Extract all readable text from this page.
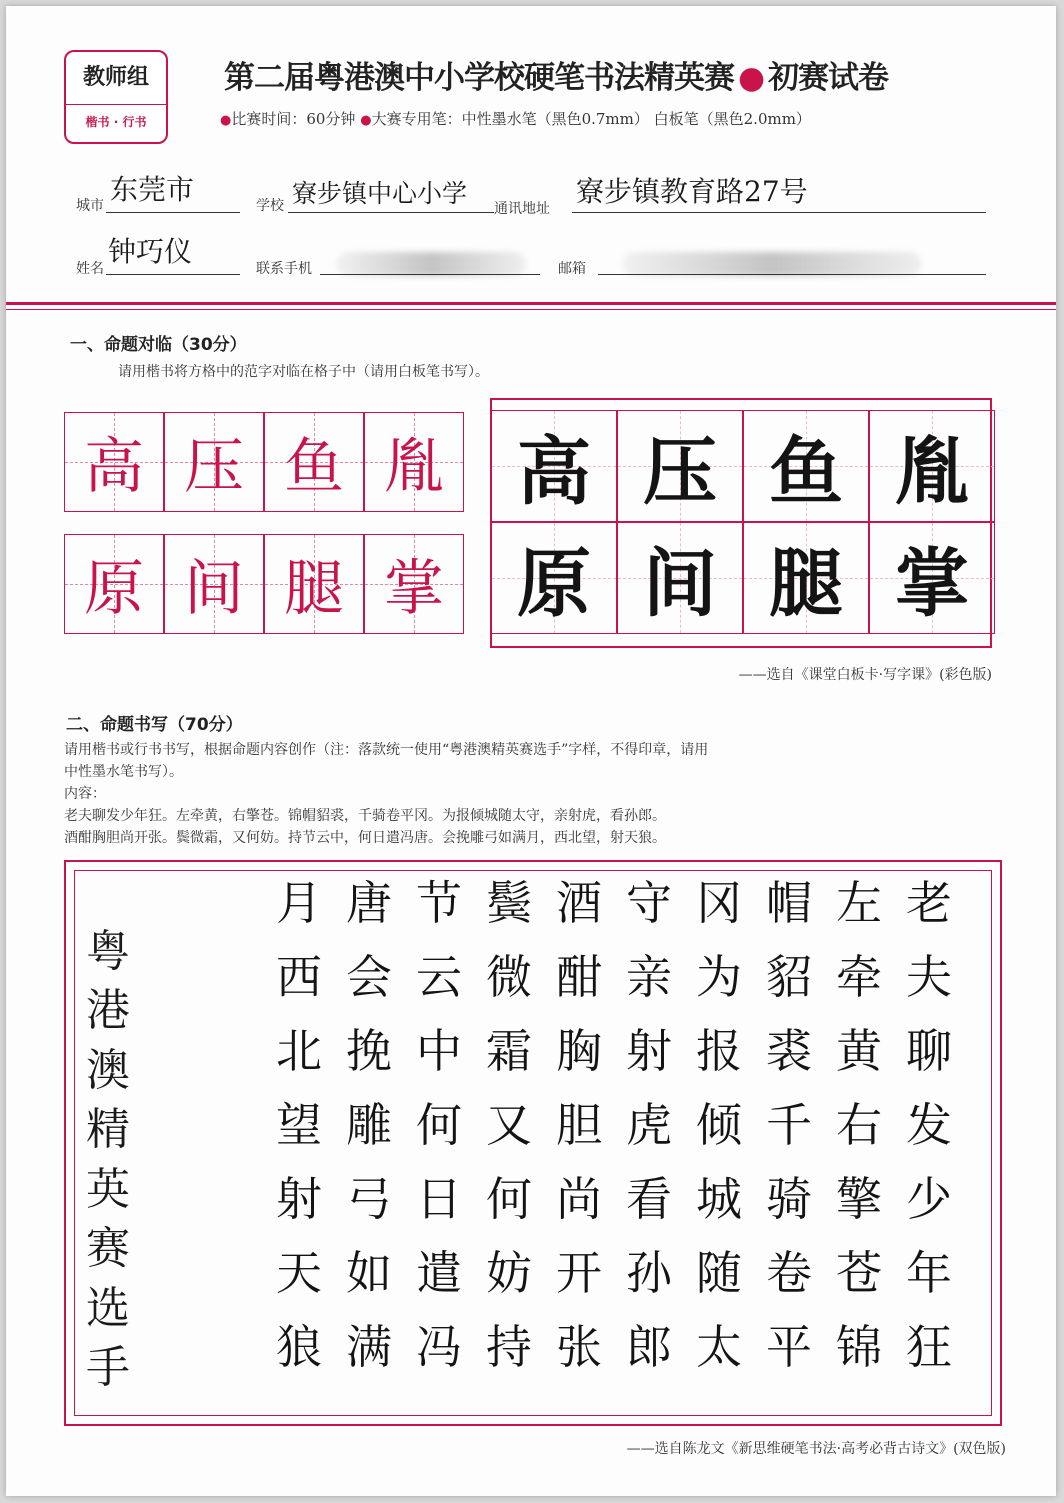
教师组
楷书 · 行书
第二届粤港澳中小学校硬笔书法精英赛 ● 初赛试卷
●比赛时间：60分钟 ●大赛专用笔：中性墨水笔（黑色0.7mm） 白板笔（黑色2.0mm）
城市 东莞市	学校 寮步镇中心小学
通讯地址
寮步镇教育路27号
姓名
钟巧仪
联系手机	邮箱
一、命题对临（30分）
请用楷书将方格中的范字对临在格子中（请用白板笔书写）。
高 压 鱼 胤
原 间 腿 掌
高 压 鱼 胤
原 间 腿 掌
——选自《课堂白板卡·写字课》(彩色版)
二、命题书写（70分）
请用楷书或行书书写，根据命题内容创作（注：落款统一使用“粤港澳精英赛选手”字样，不得印章，请用
中性墨水笔书写）。
内容：
老夫聊发少年狂。左牵黄，右擎苍。锦帽貂裘，千骑卷平冈。为报倾城随太守，亲射虎，看孙郎。
酒酣胸胆尚开张。鬓微霜，又何妨。持节云中，何日遣冯唐。会挽雕弓如满月，西北望，射天狼。
粤
港
澳
精
英
赛
选
手
老
夫
聊
发
少
年
狂
左
牵
黄
右
擎
苍
锦
帽
貂
裘
千
骑
卷
平
冈
为
报
倾
城
随
太
守
亲
射
虎
看
孙
郎
酒
酣
胸
胆
尚
开
张
鬓
微
霜
又
何
妨
持
节
云
中
何
日
遣
冯
唐
会
挽
雕
弓
如
满
月
西
北
望
射
天
狼
——选自陈龙文《新思维硬笔书法·高考必背古诗文》(双色版)
